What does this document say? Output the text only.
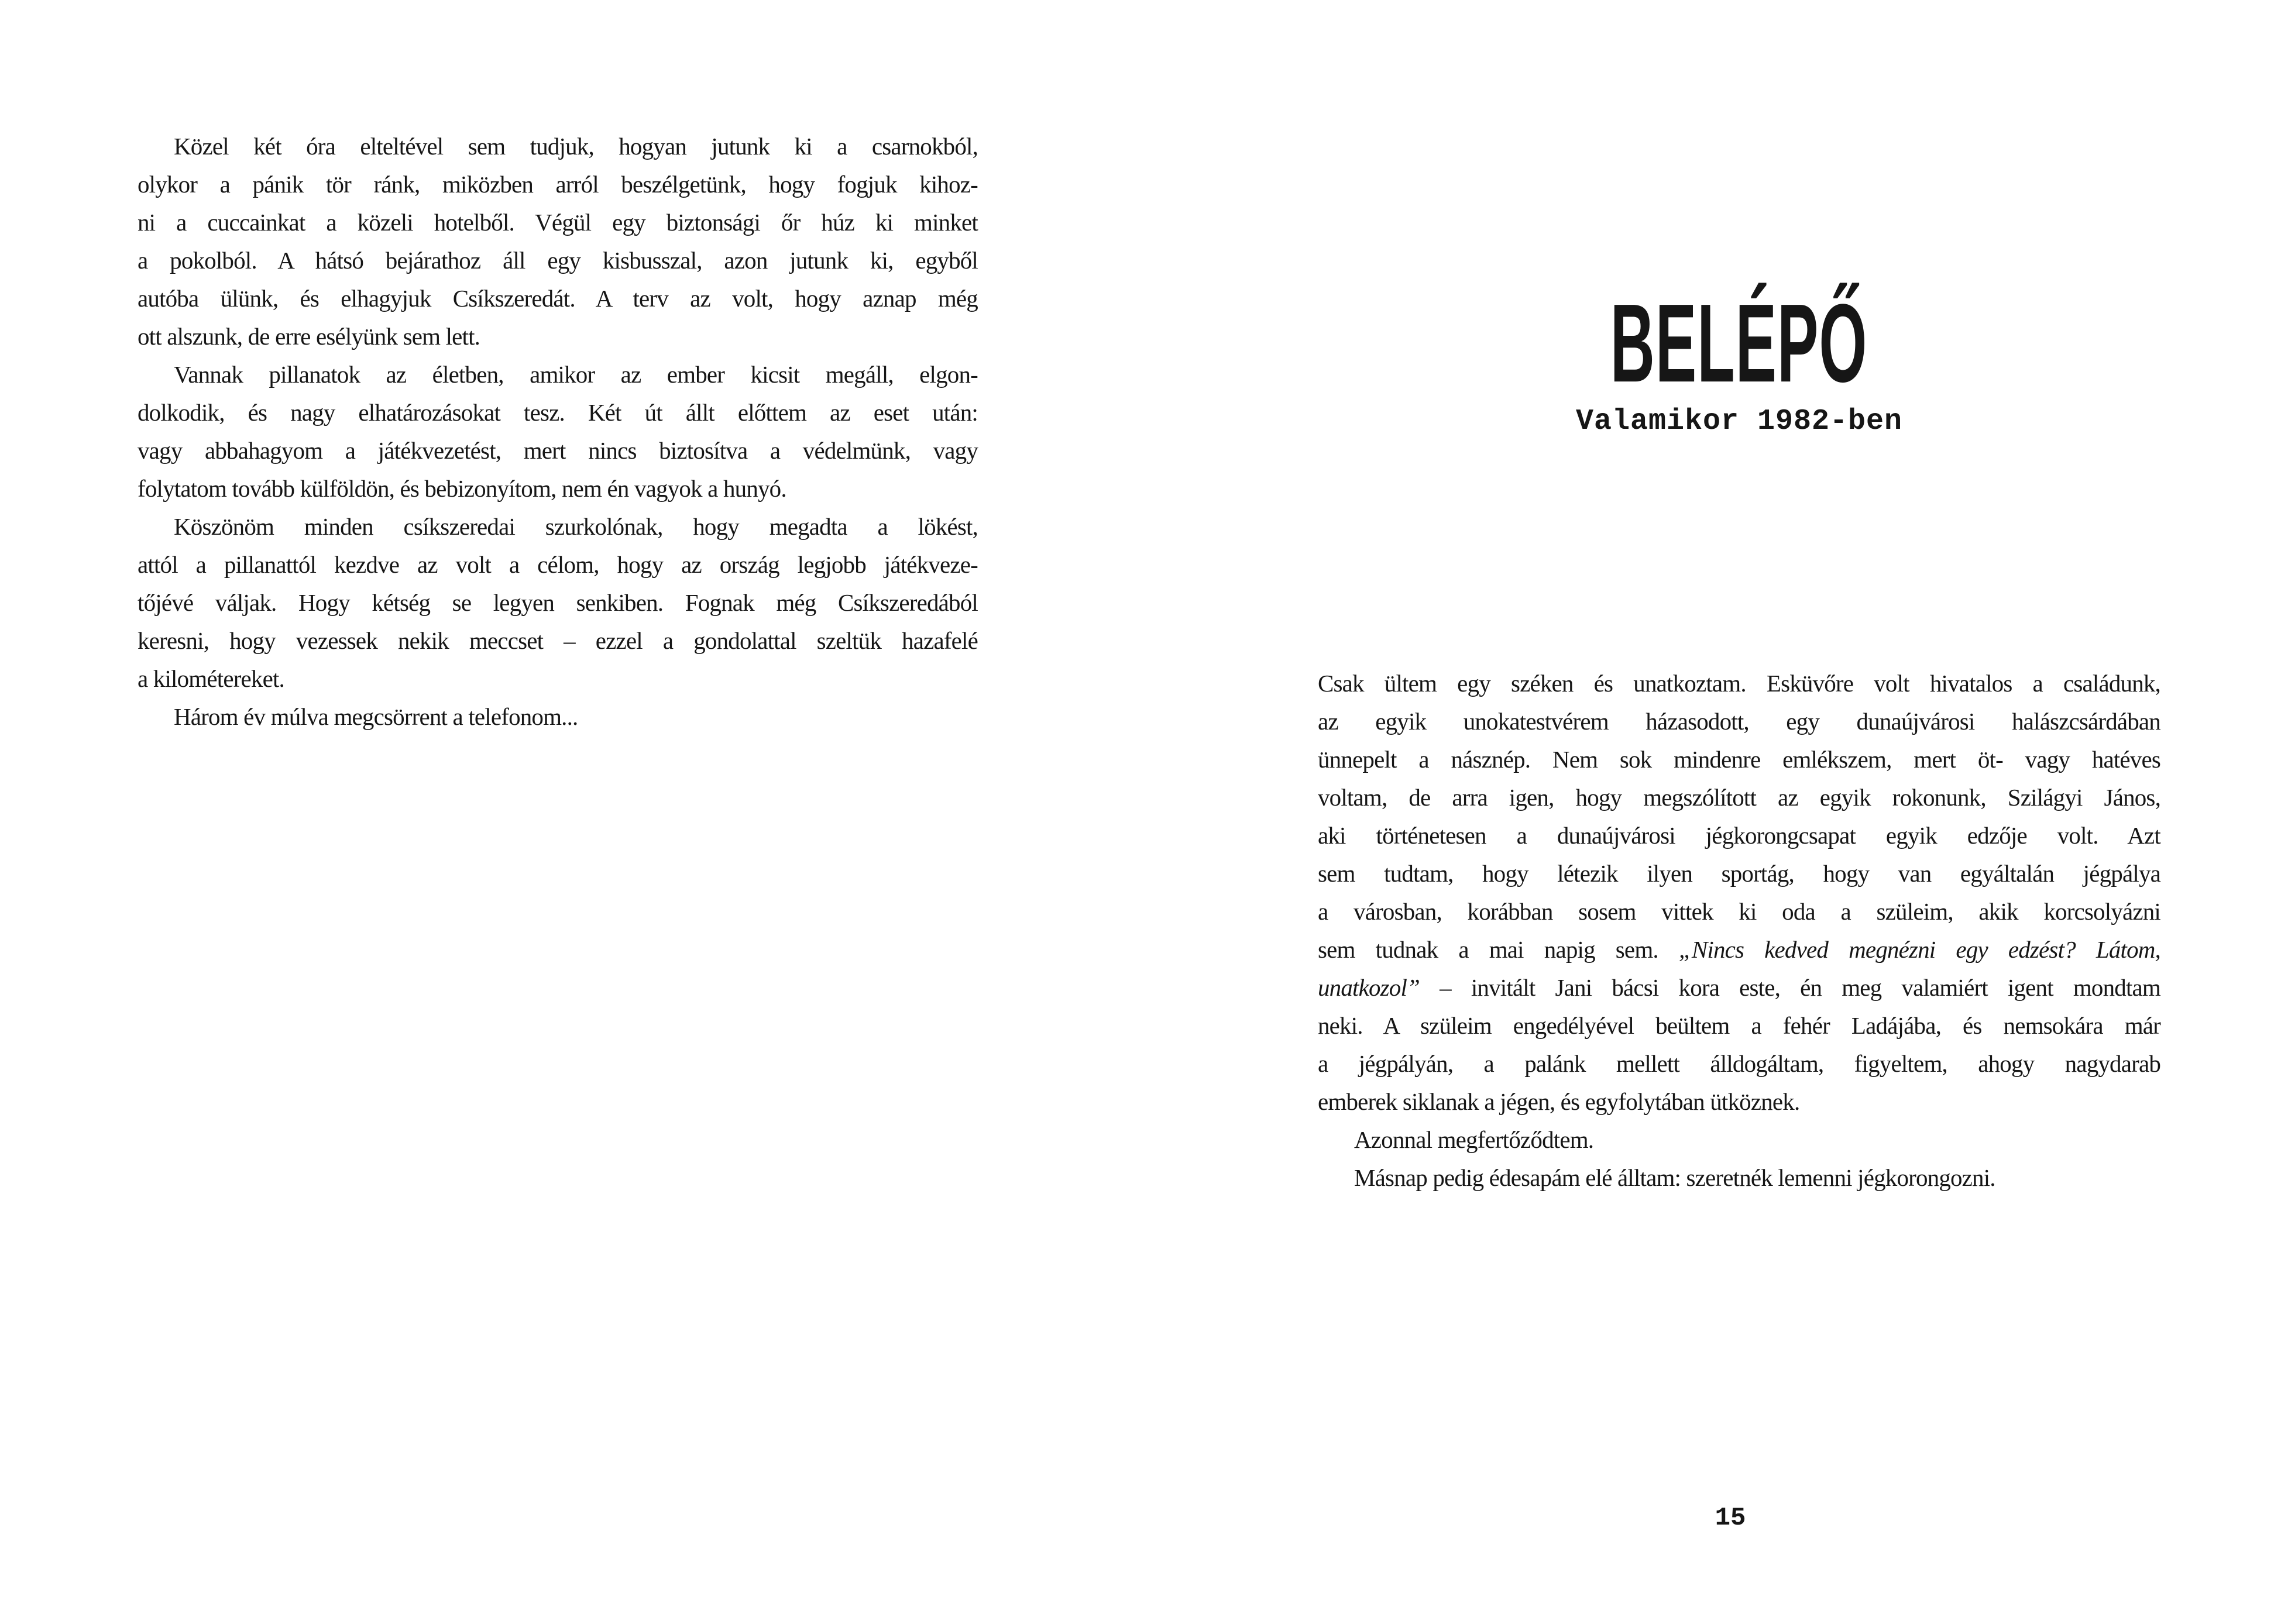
Közel két óra elteltével sem tudjuk, hogyan jutunk ki a csarnokból,
olykor a pánik tör ránk, miközben arról beszélgetünk, hogy fogjuk kihoz-
ni a cuccainkat a közeli hotelből. Végül egy biztonsági őr húz ki minket
a pokolból. A hátsó bejárathoz áll egy kisbusszal, azon jutunk ki, egyből
autóba ülünk, és elhagyjuk Csíkszeredát. A terv az volt, hogy aznap még
ott alszunk, de erre esélyünk sem lett.
Vannak pillanatok az életben, amikor az ember kicsit megáll, elgon-
dolkodik, és nagy elhatározásokat tesz. Két út állt előttem az eset után:
vagy abbahagyom a játékvezetést, mert nincs biztosítva a védelmünk, vagy
folytatom tovább külföldön, és bebizonyítom, nem én vagyok a hunyó.
Köszönöm minden csíkszeredai szurkolónak, hogy megadta a lökést,
attól a pillanattól kezdve az volt a célom, hogy az ország legjobb játékveze-
tőjévé váljak. Hogy kétség se legyen senkiben. Fognak még Csíkszeredából
keresni, hogy vezessek nekik meccset – ezzel a gondolattal szeltük hazafelé
a kilométereket.
Három év múlva megcsörrent a telefonom...
BELÉPŐ
Valamikor 1982-ben
Csak ültem egy széken és unatkoztam. Esküvőre volt hivatalos a családunk,
az egyik unokatestvérem házasodott, egy dunaújvárosi halászcsárdában
ünnepelt a násznép. Nem sok mindenre emlékszem, mert öt- vagy hatéves
voltam, de arra igen, hogy megszólított az egyik rokonunk, Szilágyi János,
aki történetesen a dunaújvárosi jégkorongcsapat egyik edzője volt. Azt
sem tudtam, hogy létezik ilyen sportág, hogy van egyáltalán jégpálya
a városban, korábban sosem vittek ki oda a szüleim, akik korcsolyázni
sem tudnak a mai napig sem. „Nincs kedved megnézni egy edzést? Látom,
unatkozol” – invitált Jani bácsi kora este, én meg valamiért igent mondtam
neki. A szüleim engedélyével beültem a fehér Ladájába, és nemsokára már
a jégpályán, a palánk mellett álldogáltam, figyeltem, ahogy nagydarab
emberek siklanak a jégen, és egyfolytában ütköznek.
Azonnal megfertőződtem.
Másnap pedig édesapám elé álltam: szeretnék lemenni jégkorongozni.
15
